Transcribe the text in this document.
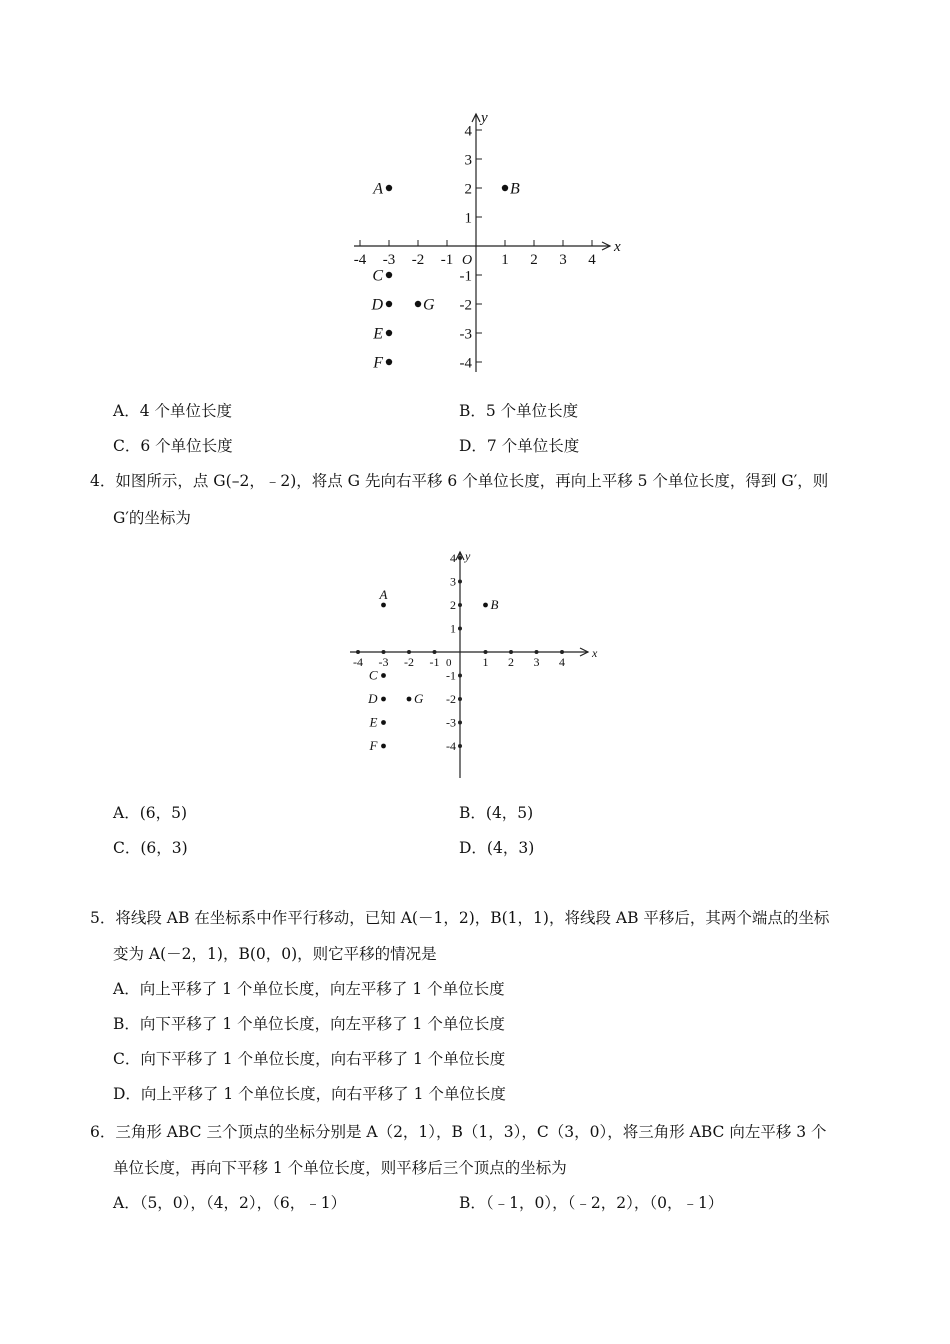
x
y
O
-4 -3 -2 -1	1 2 3 4
4
3
2
1
-1
-2
-3
-4
A	B
C
D	G
E
F
A．4 个单位长度	B．5 个单位长度
C．6 个单位长度	D．7 个单位长度
4．如图所示，点 G(–2，﹣2)，将点 G 先向右平移 6 个单位长度，再向上平移 5 个单位长度，得到 G′，则
G′的坐标为
x
y
0
-4 -3 -2 -1	1 2 3 4
4
3
2
1
-1
-2
-3
-4
A
B
C
D	G
E
F
A．(6，5)	B．(4，5)
C．(6，3)	D．(4，3)
5．将线段 AB 在坐标系中作平行移动，已知 A(－1，2)，B(1，1)，将线段 AB 平移后，其两个端点的坐标
变为 A(－2，1)，B(0，0)，则它平移的情况是
A．向上平移了 1 个单位长度，向左平移了 1 个单位长度
B．向下平移了 1 个单位长度，向左平移了 1 个单位长度
C．向下平移了 1 个单位长度，向右平移了 1 个单位长度
D．向上平移了 1 个单位长度，向右平移了 1 个单位长度
6．三角形 ABC 三个顶点的坐标分别是 A（2，1），B（1，3），C（3，0），将三角形 ABC 向左平移 3 个
单位长度，再向下平移 1 个单位长度，则平移后三个顶点的坐标为
A．（5，0），（4，2），（6，﹣1）	B．（﹣1，0），（﹣2，2），（0，﹣1）
